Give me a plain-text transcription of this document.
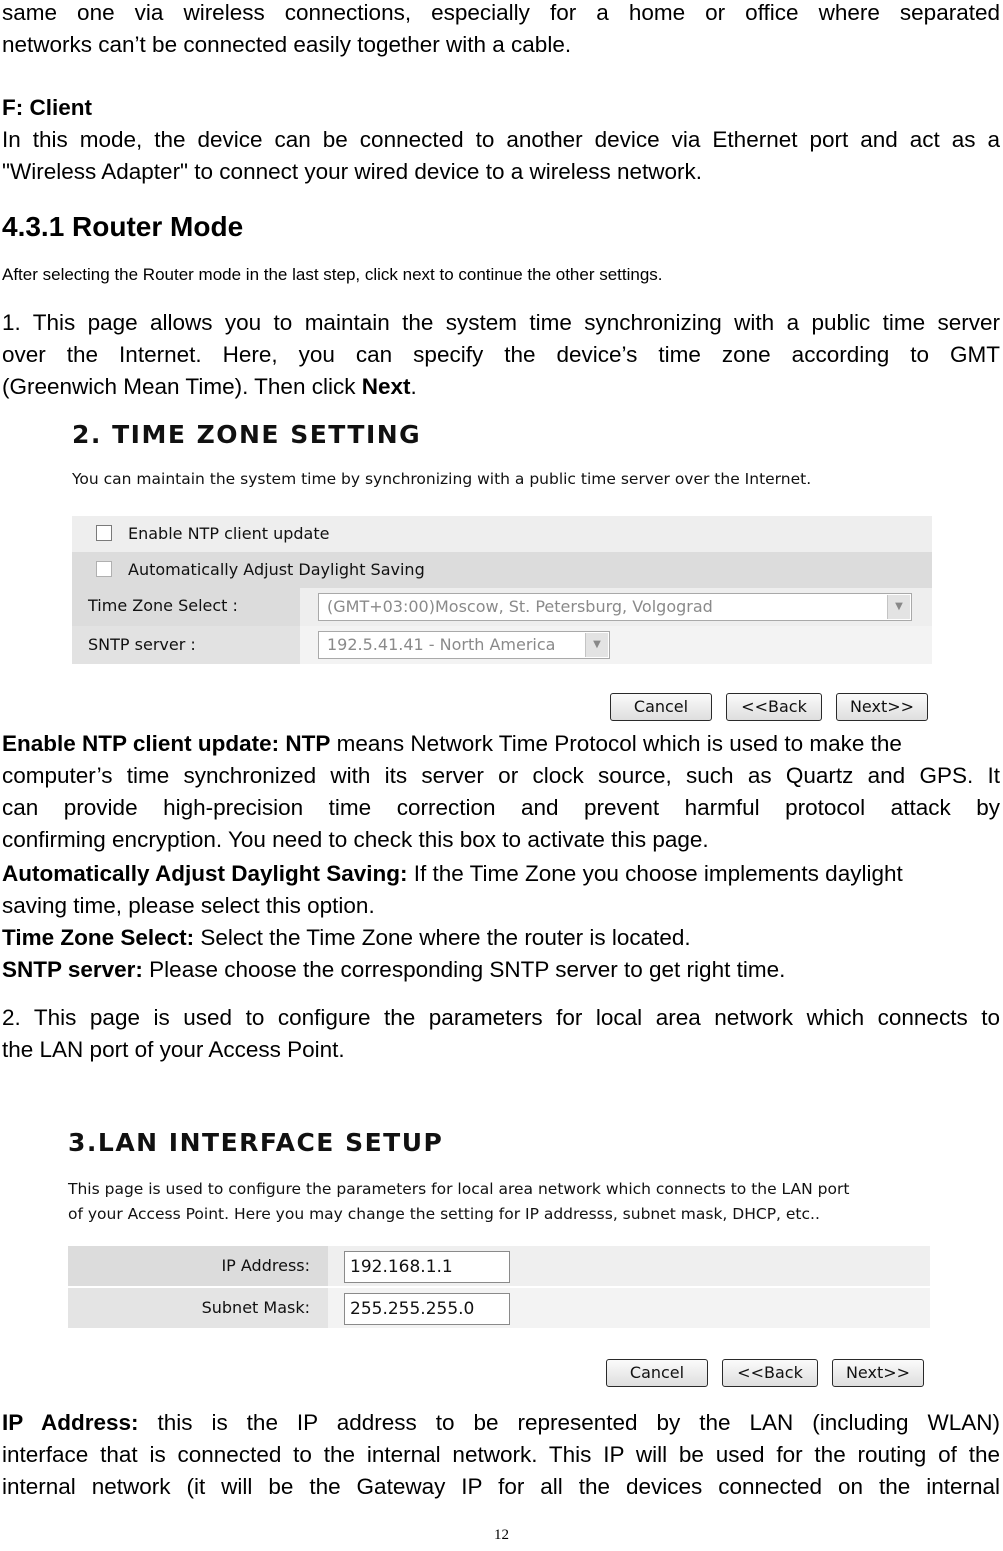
same one via wireless connections, especially for a home or office where separated

networks can’t be connected easily together with a cable.

F: Client

In this mode, the device can be connected to another device via Ethernet port and act as a

"Wireless Adapter" to connect your wired device to a wireless network.

4.3.1 Router Mode

After selecting the Router mode in the last step, click next to continue the other settings.

1. This page allows you to maintain the system time synchronizing with a public time server

over the Internet. Here, you can specify the device’s time zone according to GMT

(Greenwich Mean Time). Then click Next.

2. TIME ZONE SETTING
You can maintain the system time by synchronizing with a public time server over the Internet.
Enable NTP client update
Automatically Adjust Daylight Saving
Time Zone Select :	(GMT+03:00)Moscow, St. Petersburg, Volgograd	▼
SNTP server :	192.5.41.41 - North America	▼
Cancel	<<Back	Next>>

Enable NTP client update: NTP means Network Time Protocol which is used to make the

computer’s time synchronized with its server or clock source, such as Quartz and GPS. It

can provide high-precision time correction and prevent harmful protocol attack by

confirming encryption. You need to check this box to activate this page.

Automatically Adjust Daylight Saving: If the Time Zone you choose implements daylight

saving time, please select this option.

Time Zone Select: Select the Time Zone where the router is located.

SNTP server: Please choose the corresponding SNTP server to get right time.

2. This page is used to configure the parameters for local area network which connects to

the LAN port of your Access Point.

3.LAN INTERFACE SETUP
This page is used to configure the parameters for local area network which connects to the LAN port
of your Access Point. Here you may change the setting for IP addresss, subnet mask, DHCP, etc..
IP Address:	192.168.1.1
Subnet Mask:	255.255.255.0
Cancel	<<Back	Next>>

IP Address: this is the IP address to be represented by the LAN (including WLAN)

interface that is connected to the internal network. This IP will be used for the routing of the

internal network (it will be the Gateway IP for all the devices connected on the internal

12
